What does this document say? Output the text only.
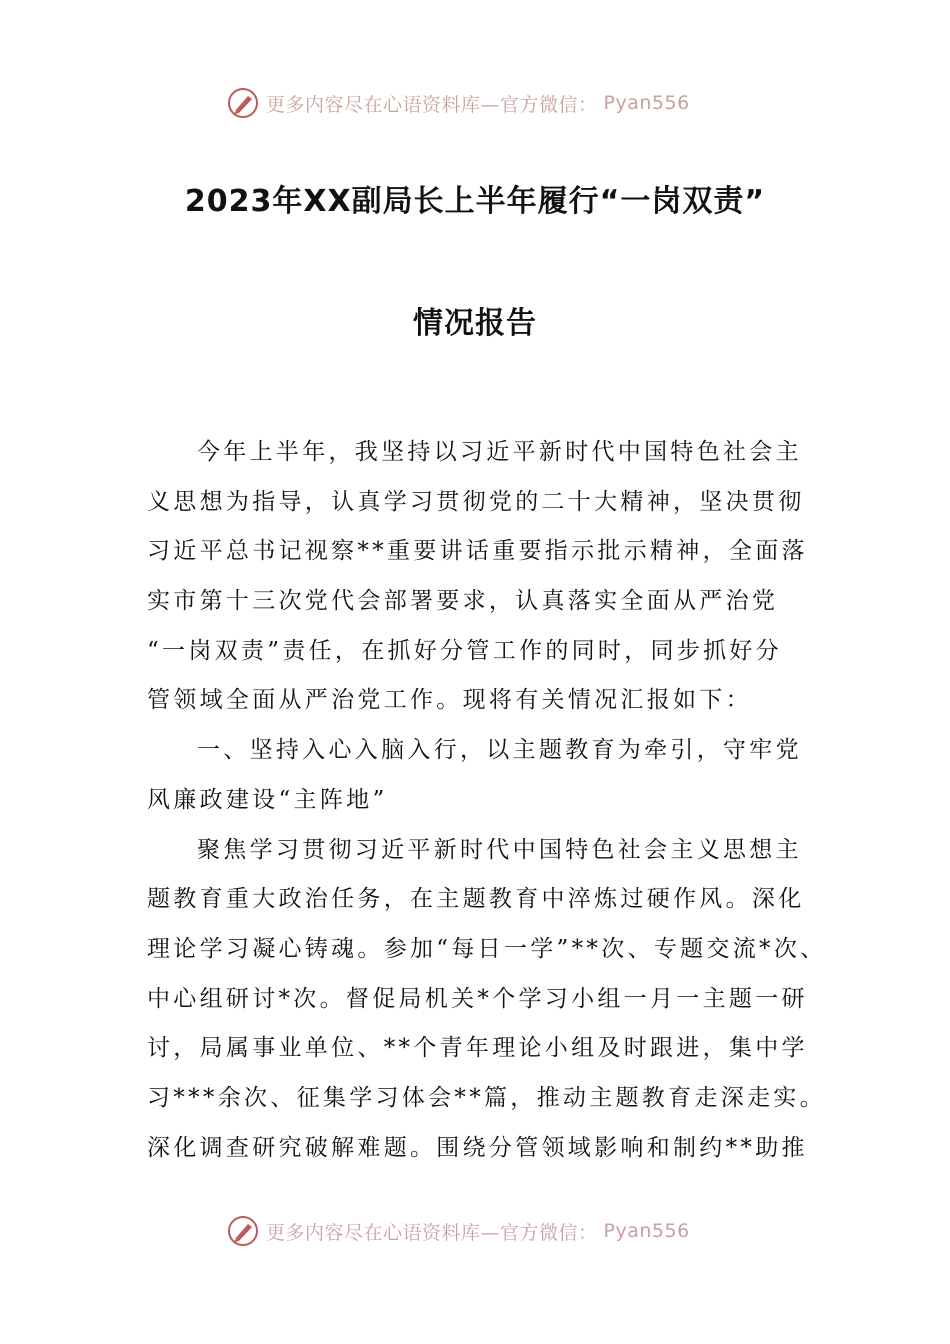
更多内容尽在心语资料库—官方微信： Pyan556
2023年XX副局长上半年履行“一岗双责”
情况报告
今年上半年，我坚持以习近平新时代中国特色社会主
义思想为指导，认真学习贯彻党的二十大精神，坚决贯彻
习近平总书记视察**重要讲话重要指示批示精神，全面落
实市第十三次党代会部署要求，认真落实全面从严治党
“一岗双责”责任，在抓好分管工作的同时，同步抓好分
管领域全面从严治党工作。现将有关情况汇报如下：
一、坚持入心入脑入行，以主题教育为牵引，守牢党
风廉政建设“主阵地”
聚焦学习贯彻习近平新时代中国特色社会主义思想主
题教育重大政治任务，在主题教育中淬炼过硬作风。深化
理论学习凝心铸魂。参加“每日一学”**次、专题交流*次、
中心组研讨*次。督促局机关*个学习小组一月一主题一研
讨，局属事业单位、**个青年理论小组及时跟进，集中学
习***余次、征集学习体会**篇，推动主题教育走深走实。
深化调查研究破解难题。围绕分管领域影响和制约**助推
更多内容尽在心语资料库—官方微信： Pyan556
